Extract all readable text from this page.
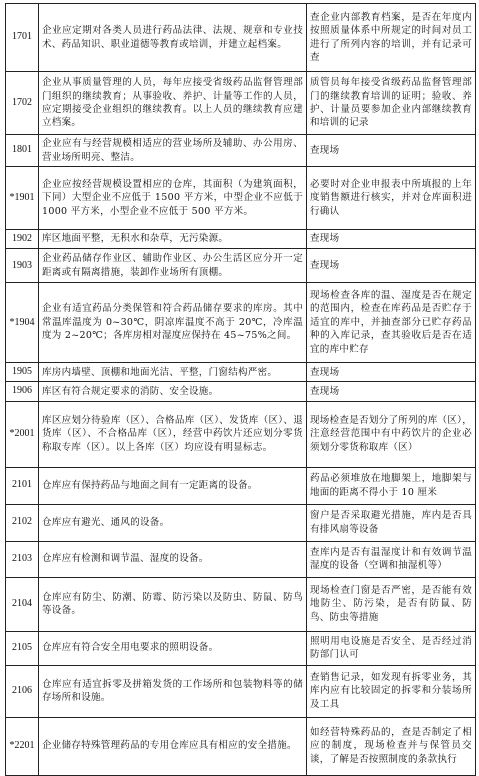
1701	企业应定期对各类人员进行药品法律、法规、规章和专业技术、药品知识、职业道德等教育或培训，并建立起档案。	查企业内部教育档案，是否在年度内按照质量体系中所规定的时间对员工进行了所列内容的培训，并有记录可查
1702	企业从事质量管理的人员，每年应接受省级药品监督管理部门组织的继续教育；从事验收、养护、计量等工作的人员，应定期接受企业组织的继续教育。以上人员的继续教育应建立档案。	质管员每年接受省级药品监督管理部门的继续教育培训的证明；验收、养护、计量员要参加企业内部继续教育和培训的记录
1801	企业应有与经营规模相适应的营业场所及辅助、办公用房、营业场所明亮、整洁。	查现场
*1901	企业应按经营规模设置相应的仓库，其面积（为建筑面积，下同）大型企业不应低于 1500 平方米，中型企业不应低于 1000 平方米，小型企业不应低于 500 平方米。	必要时对企业申报表中所填报的上年度销售额进行核实，并对仓库面积进行确认
1902	库区地面平整，无积水和杂草，无污染源。	查现场
1903	企业药品储存作业区、辅助作业区、办公生活区应分开一定距离或有隔离措施，装卸作业场所有顶棚。	查现场
*1904	企业有适宜药品分类保管和符合药品储存要求的库房。其中常温库温度为 0~30℃，阴凉库温度不高于 20℃，冷库温度为 2~20℃；各库房相对湿度应保持在 45~75%之间。	现场检查各库的温、湿度是否在规定的范围内，检查在库药品是否贮存于适宜的库中，并抽查部分已贮存药品种的入库记录，查其验收后是否在适宜的库中贮存
1905	库房内墙壁、顶棚和地面光洁、平整，门窗结构严密。	查现场
1906	库区有符合规定要求的消防、安全设施。	查现场
*2001	库区应划分待验库（区）、合格品库（区）、发货库（区）、退货库（区）、不合格品库（区），经营中药饮片还应划分零货称取专库（区）。以上各库（区）均应设有明显标志。	现场检查是否划分了所列的库（区），注意经营范围中有中药饮片的企业必须划分零货称取库（区）
2101	仓库应有保持药品与地面之间有一定距离的设备。	药品必须堆放在地脚架上，地脚架与地面的距离不得小于 10 厘米
2102	仓库应有避光、通风的设备。	窗户是否采取避光措施，库内是否具有排风扇等设备
2103	仓库应有检测和调节温、湿度的设备。	查库内是否有温湿度计和有效调节温湿度的设备（空调和抽湿机等）
2104	仓库应有防尘、防潮、防霉、防污染以及防虫、防鼠、防鸟等设备。	现场检查门窗是否严密，是否能有效地防尘、防污染，是否有防鼠、防鸟、防虫等措施
2105	仓库应有符合安全用电要求的照明设备。	照明用电设施是否安全、是否经过消防部门认可
2106	仓库应有适宜拆零及拼箱发货的工作场所和包装物料等的储存场所和设施。	查销售记录，如发现有拆零业务，其库内应有比较固定的拆零和分装场所及工具
*2201	企业储存特殊管理药品的专用仓库应具有相应的安全措施。	如经营特殊药品的，查是否制定了相应的制度，现场检查并与保管员交谈，了解是否按照制度的条款执行
